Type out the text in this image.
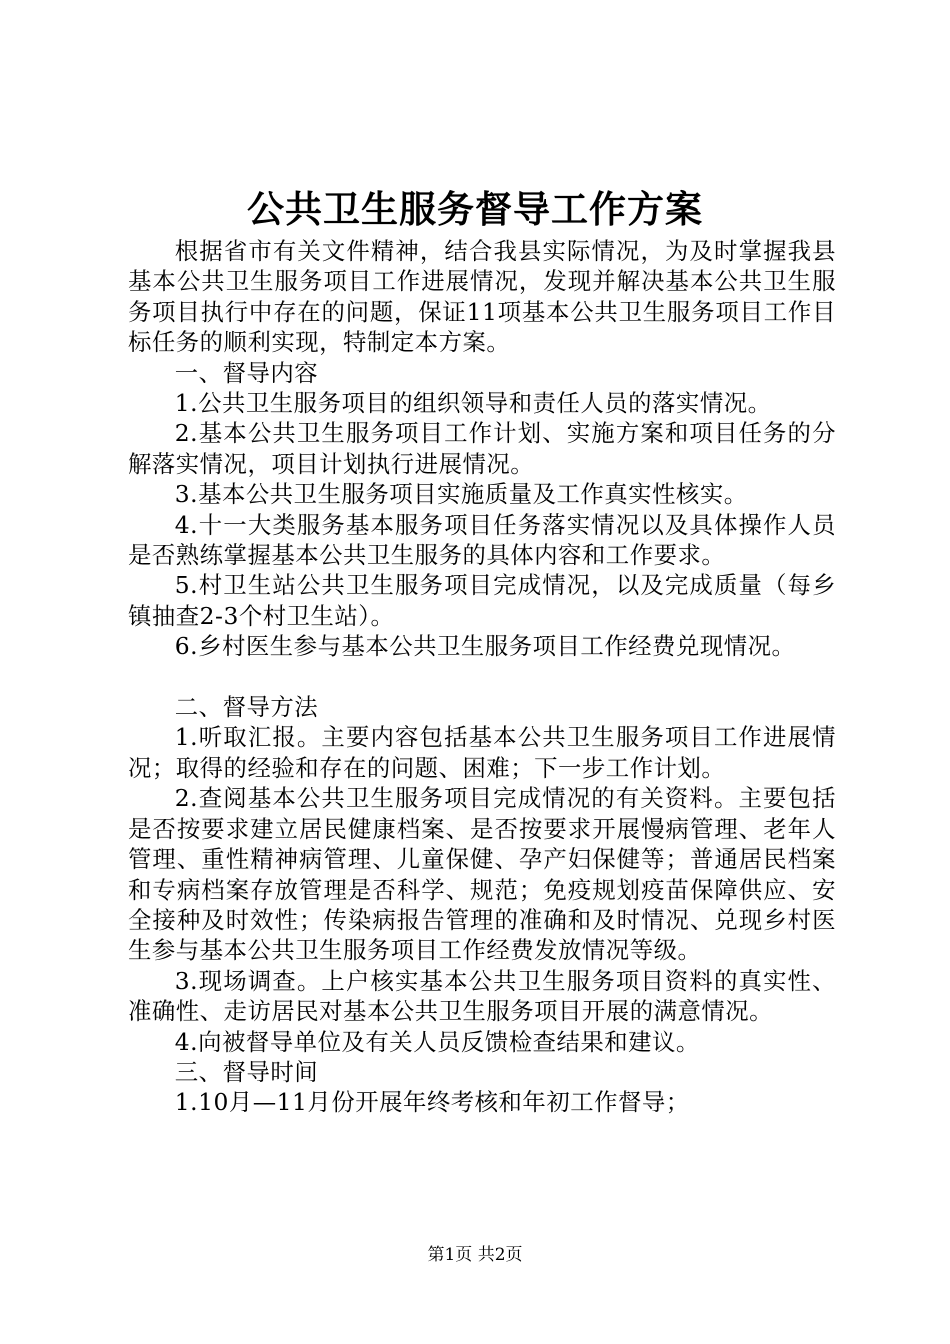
公共卫生服务督导工作方案

根据省市有关文件精神，结合我县实际情况，为及时掌握我县基本公共卫生服务项目工作进展情况，发现并解决基本公共卫生服务项目执行中存在的问题，保证11项基本公共卫生服务项目工作目标任务的顺利实现，特制定本方案。

一、督导内容

1.公共卫生服务项目的组织领导和责任人员的落实情况。

2.基本公共卫生服务项目工作计划、实施方案和项目任务的分解落实情况，项目计划执行进展情况。

3.基本公共卫生服务项目实施质量及工作真实性核实。

4.十一大类服务基本服务项目任务落实情况以及具体操作人员是否熟练掌握基本公共卫生服务的具体内容和工作要求。

5.村卫生站公共卫生服务项目完成情况，以及完成质量（每乡镇抽查2-3个村卫生站）。

6.乡村医生参与基本公共卫生服务项目工作经费兑现情况。

二、督导方法

1.听取汇报。主要内容包括基本公共卫生服务项目工作进展情况；取得的经验和存在的问题、困难；下一步工作计划。

2.查阅基本公共卫生服务项目完成情况的有关资料。主要包括是否按要求建立居民健康档案、是否按要求开展慢病管理、老年人管理、重性精神病管理、儿童保健、孕产妇保健等；普通居民档案和专病档案存放管理是否科学、规范；免疫规划疫苗保障供应、安全接种及时效性；传染病报告管理的准确和及时情况、兑现乡村医生参与基本公共卫生服务项目工作经费发放情况等级。

3.现场调查。上户核实基本公共卫生服务项目资料的真实性、准确性、走访居民对基本公共卫生服务项目开展的满意情况。

4.向被督导单位及有关人员反馈检查结果和建议。

三、督导时间

1.10月—11月份开展年终考核和年初工作督导；

第1页 共2页
